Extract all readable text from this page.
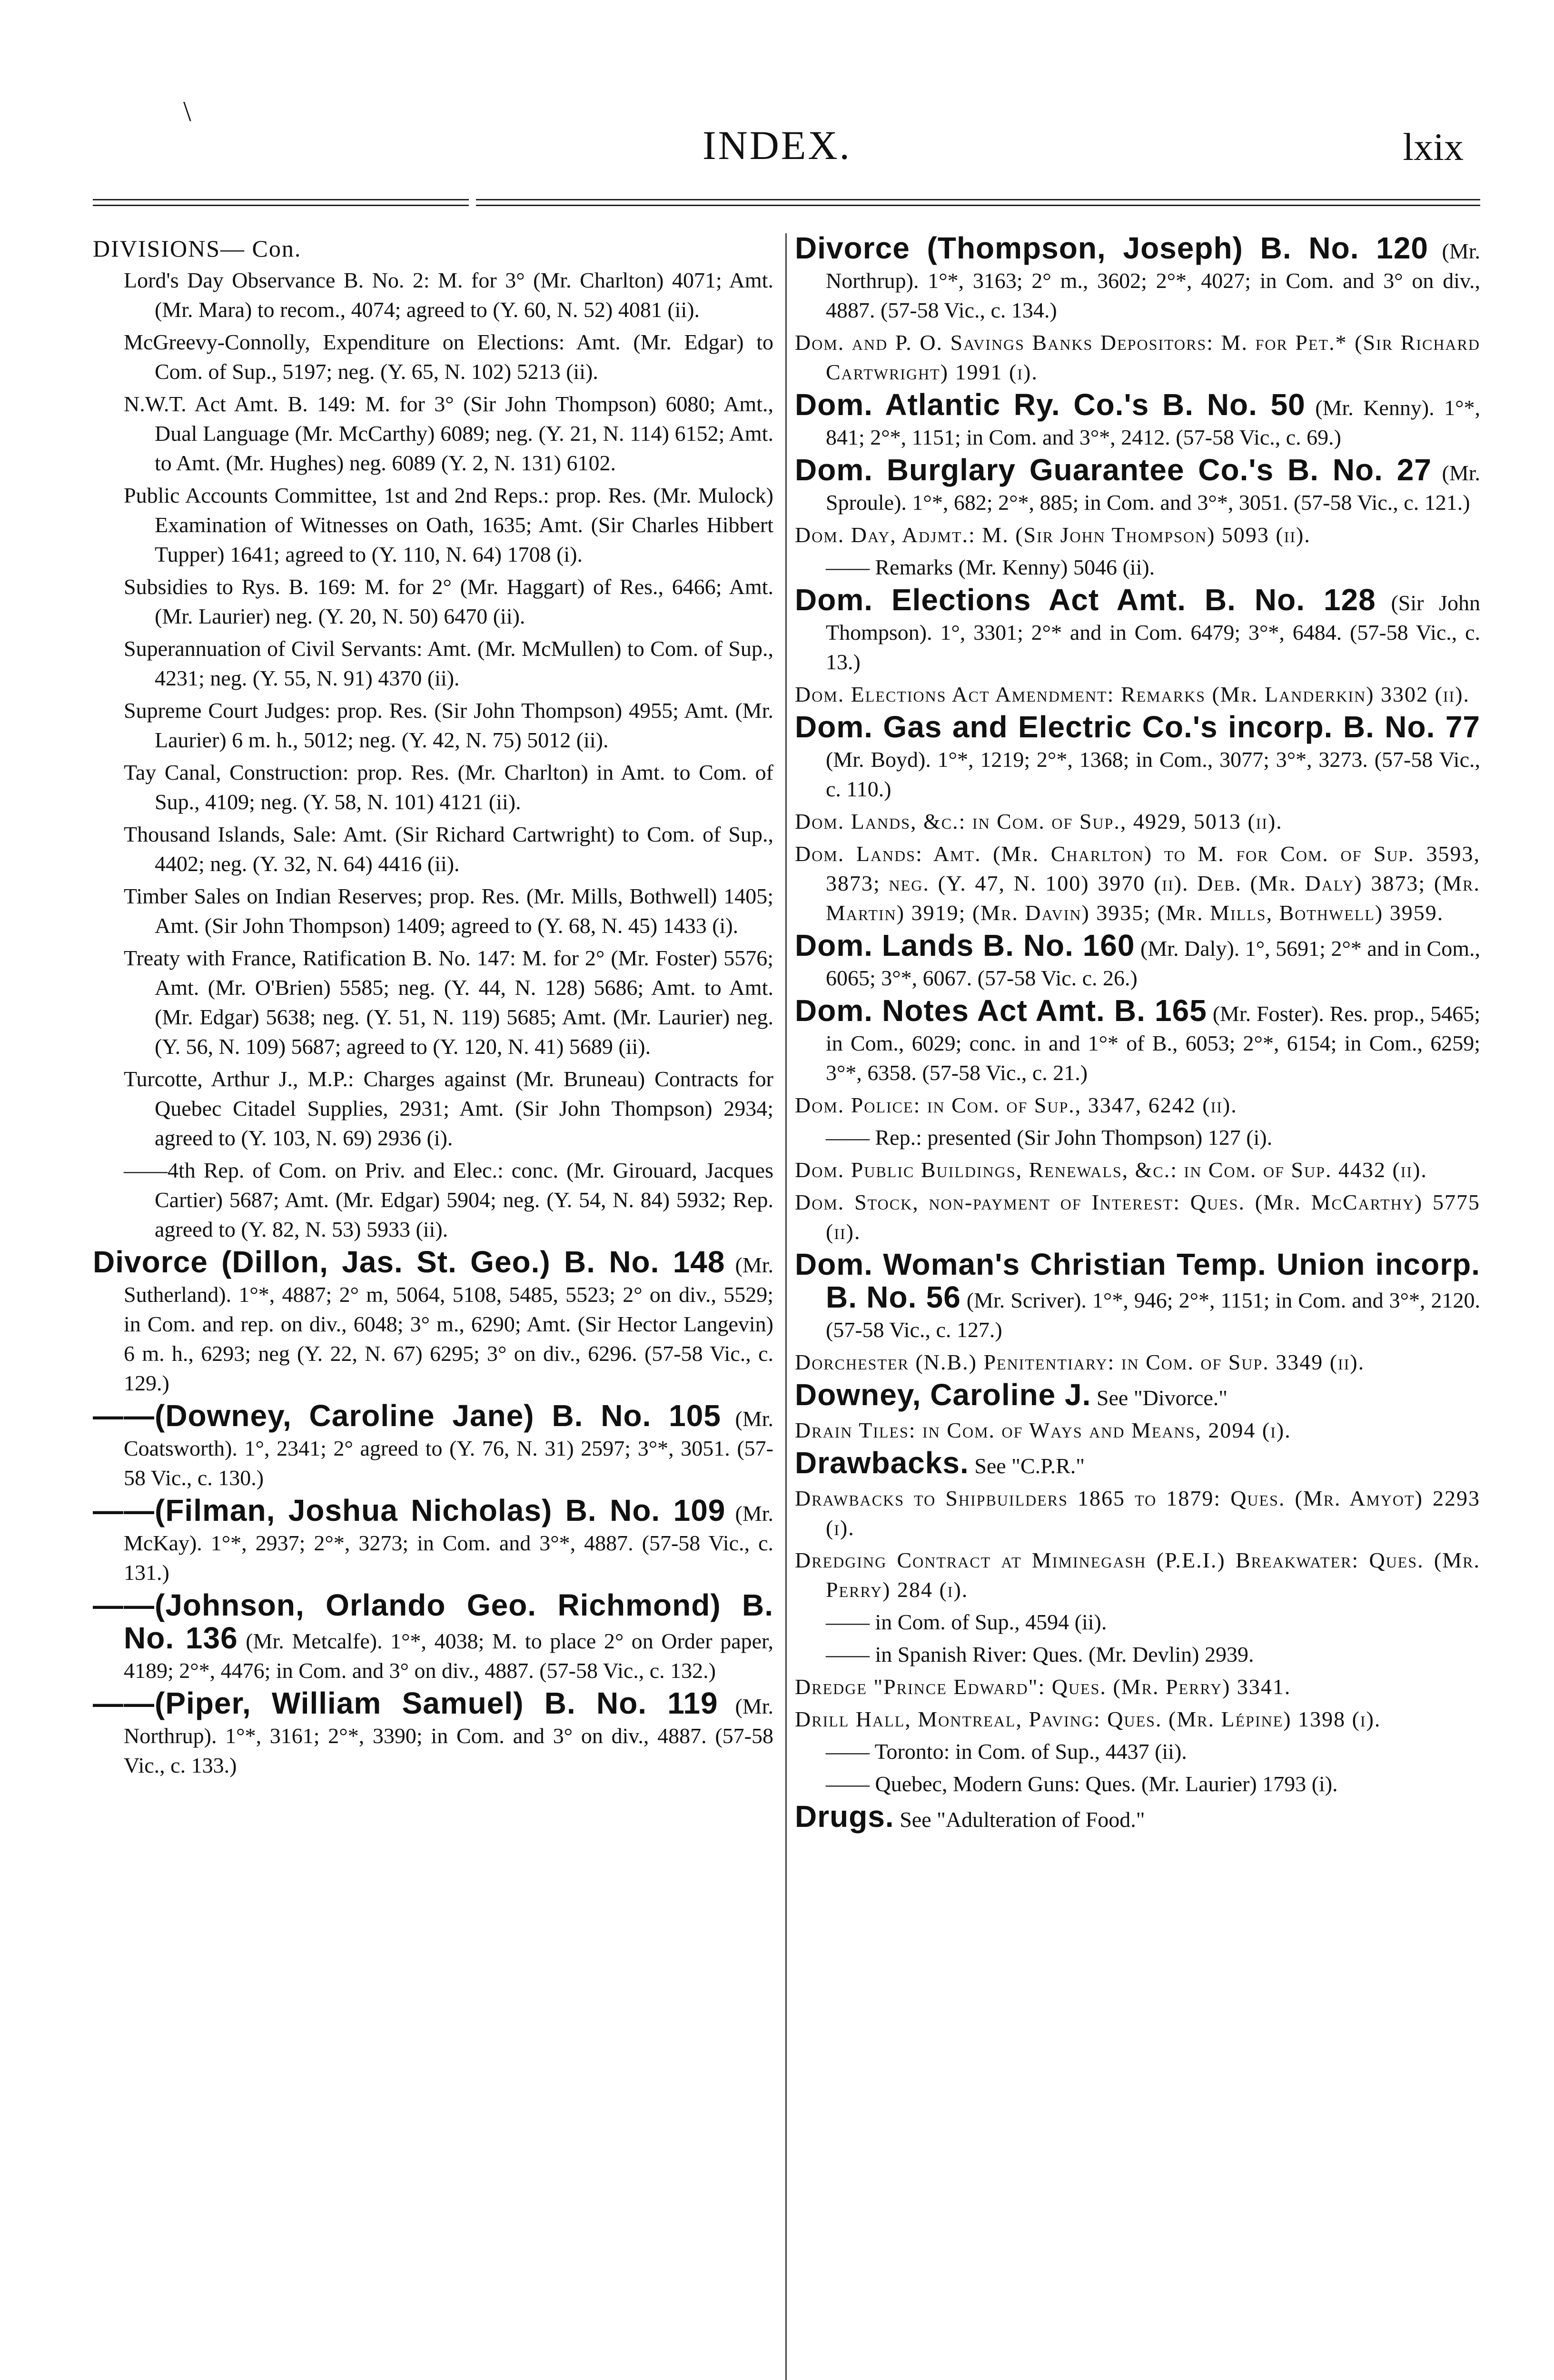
\
INDEX.	lxix
DIVISIONS— Con.
Lord's Day Observance B. No. 2: M. for 3° (Mr. Charlton) 4071; Amt. (Mr. Mara) to recom., 4074; agreed to (Y. 60, N. 52) 4081 (ii).
McGreevy-Connolly, Expenditure on Elections: Amt. (Mr. Edgar) to Com. of Sup., 5197; neg. (Y. 65, N. 102) 5213 (ii).
N.W.T. Act Amt. B. 149: M. for 3° (Sir John Thompson) 6080; Amt., Dual Language (Mr. McCarthy) 6089; neg. (Y. 21, N. 114) 6152; Amt. to Amt. (Mr. Hughes) neg. 6089 (Y. 2, N. 131) 6102.
Public Accounts Committee, 1st and 2nd Reps.: prop. Res. (Mr. Mulock) Examination of Witnesses on Oath, 1635; Amt. (Sir Charles Hibbert Tupper) 1641; agreed to (Y. 110, N. 64) 1708 (i).
Subsidies to Rys. B. 169: M. for 2° (Mr. Haggart) of Res., 6466; Amt. (Mr. Laurier) neg. (Y. 20, N. 50) 6470 (ii).
Superannuation of Civil Servants: Amt. (Mr. McMullen) to Com. of Sup., 4231; neg. (Y. 55, N. 91) 4370 (ii).
Supreme Court Judges: prop. Res. (Sir John Thompson) 4955; Amt. (Mr. Laurier) 6 m. h., 5012; neg. (Y. 42, N. 75) 5012 (ii).
Tay Canal, Construction: prop. Res. (Mr. Charlton) in Amt. to Com. of Sup., 4109; neg. (Y. 58, N. 101) 4121 (ii).
Thousand Islands, Sale: Amt. (Sir Richard Cartwright) to Com. of Sup., 4402; neg. (Y. 32, N. 64) 4416 (ii).
Timber Sales on Indian Reserves; prop. Res. (Mr. Mills, Bothwell) 1405; Amt. (Sir John Thompson) 1409; agreed to (Y. 68, N. 45) 1433 (i).
Treaty with France, Ratification B. No. 147: M. for 2° (Mr. Foster) 5576; Amt. (Mr. O'Brien) 5585; neg. (Y. 44, N. 128) 5686; Amt. to Amt. (Mr. Edgar) 5638; neg. (Y. 51, N. 119) 5685; Amt. (Mr. Laurier) neg. (Y. 56, N. 109) 5687; agreed to (Y. 120, N. 41) 5689 (ii).
Turcotte, Arthur J., M.P.: Charges against (Mr. Bruneau) Contracts for Quebec Citadel Supplies, 2931; Amt. (Sir John Thompson) 2934; agreed to (Y. 103, N. 69) 2936 (i).
——4th Rep. of Com. on Priv. and Elec.: conc. (Mr. Girouard, Jacques Cartier) 5687; Amt. (Mr. Edgar) 5904; neg. (Y. 54, N. 84) 5932; Rep. agreed to (Y. 82, N. 53) 5933 (ii).
Divorce (Dillon, Jas. St. Geo.) B. No. 148 (Mr. Sutherland). 1°*, 4887; 2° m, 5064, 5108, 5485, 5523; 2° on div., 5529; in Com. and rep. on div., 6048; 3° m., 6290; Amt. (Sir Hector Langevin) 6 m. h., 6293; neg (Y. 22, N. 67) 6295; 3° on div., 6296. (57-58 Vic., c. 129.)
——(Downey, Caroline Jane) B. No. 105 (Mr. Coatsworth). 1°, 2341; 2° agreed to (Y. 76, N. 31) 2597; 3°*, 3051. (57-58 Vic., c. 130.)
——(Filman, Joshua Nicholas) B. No. 109 (Mr. McKay). 1°*, 2937; 2°*, 3273; in Com. and 3°*, 4887. (57-58 Vic., c. 131.)
——(Johnson, Orlando Geo. Richmond) B. No. 136 (Mr. Metcalfe). 1°*, 4038; M. to place 2° on Order paper, 4189; 2°*, 4476; in Com. and 3° on div., 4887. (57-58 Vic., c. 132.)
——(Piper, William Samuel) B. No. 119 (Mr. Northrup). 1°*, 3161; 2°*, 3390; in Com. and 3° on div., 4887. (57-58 Vic., c. 133.)
Divorce (Thompson, Joseph) B. No. 120 (Mr. Northrup). 1°*, 3163; 2° m., 3602; 2°*, 4027; in Com. and 3° on div., 4887. (57-58 Vic., c. 134.)
Dom. and P. O. Savings Banks Depositors: M. for Pet.* (Sir Richard Cartwright) 1991 (i).
Dom. Atlantic Ry. Co.'s B. No. 50 (Mr. Kenny). 1°*, 841; 2°*, 1151; in Com. and 3°*, 2412. (57-58 Vic., c. 69.)
Dom. Burglary Guarantee Co.'s B. No. 27 (Mr. Sproule). 1°*, 682; 2°*, 885; in Com. and 3°*, 3051. (57-58 Vic., c. 121.)
Dom. Day, Adjmt.: M. (Sir John Thompson) 5093 (ii).
—— Remarks (Mr. Kenny) 5046 (ii).
Dom. Elections Act Amt. B. No. 128 (Sir John Thompson). 1°, 3301; 2°* and in Com. 6479; 3°*, 6484. (57-58 Vic., c. 13.)
Dom. Elections Act Amendment: Remarks (Mr. Landerkin) 3302 (ii).
Dom. Gas and Electric Co.'s incorp. B. No. 77 (Mr. Boyd). 1°*, 1219; 2°*, 1368; in Com., 3077; 3°*, 3273. (57-58 Vic., c. 110.)
Dom. Lands, &c.: in Com. of Sup., 4929, 5013 (ii).
Dom. Lands: Amt. (Mr. Charlton) to M. for Com. of Sup. 3593, 3873; neg. (Y. 47, N. 100) 3970 (ii). Deb. (Mr. Daly) 3873; (Mr. Martin) 3919; (Mr. Davin) 3935; (Mr. Mills, Bothwell) 3959.
Dom. Lands B. No. 160 (Mr. Daly). 1°, 5691; 2°* and in Com., 6065; 3°*, 6067. (57-58 Vic. c. 26.)
Dom. Notes Act Amt. B. 165 (Mr. Foster). Res. prop., 5465; in Com., 6029; conc. in and 1°* of B., 6053; 2°*, 6154; in Com., 6259; 3°*, 6358. (57-58 Vic., c. 21.)
Dom. Police: in Com. of Sup., 3347, 6242 (ii).
—— Rep.: presented (Sir John Thompson) 127 (i).
Dom. Public Buildings, Renewals, &c.: in Com. of Sup. 4432 (ii).
Dom. Stock, non-payment of Interest: Ques. (Mr. McCarthy) 5775 (ii).
Dom. Woman's Christian Temp. Union incorp. B. No. 56 (Mr. Scriver). 1°*, 946; 2°*, 1151; in Com. and 3°*, 2120. (57-58 Vic., c. 127.)
Dorchester (N.B.) Penitentiary: in Com. of Sup. 3349 (ii).
Downey, Caroline J. See "Divorce."
Drain Tiles: in Com. of Ways and Means, 2094 (i).
Drawbacks. See "C.P.R."
Drawbacks to Shipbuilders 1865 to 1879: Ques. (Mr. Amyot) 2293 (i).
Dredging Contract at Miminegash (P.E.I.) Breakwater: Ques. (Mr. Perry) 284 (i).
—— in Com. of Sup., 4594 (ii).
—— in Spanish River: Ques. (Mr. Devlin) 2939.
Dredge "Prince Edward": Ques. (Mr. Perry) 3341.
Drill Hall, Montreal, Paving: Ques. (Mr. Lépine) 1398 (i).
—— Toronto: in Com. of Sup., 4437 (ii).
—— Quebec, Modern Guns: Ques. (Mr. Laurier) 1793 (i).
Drugs. See "Adulteration of Food."
